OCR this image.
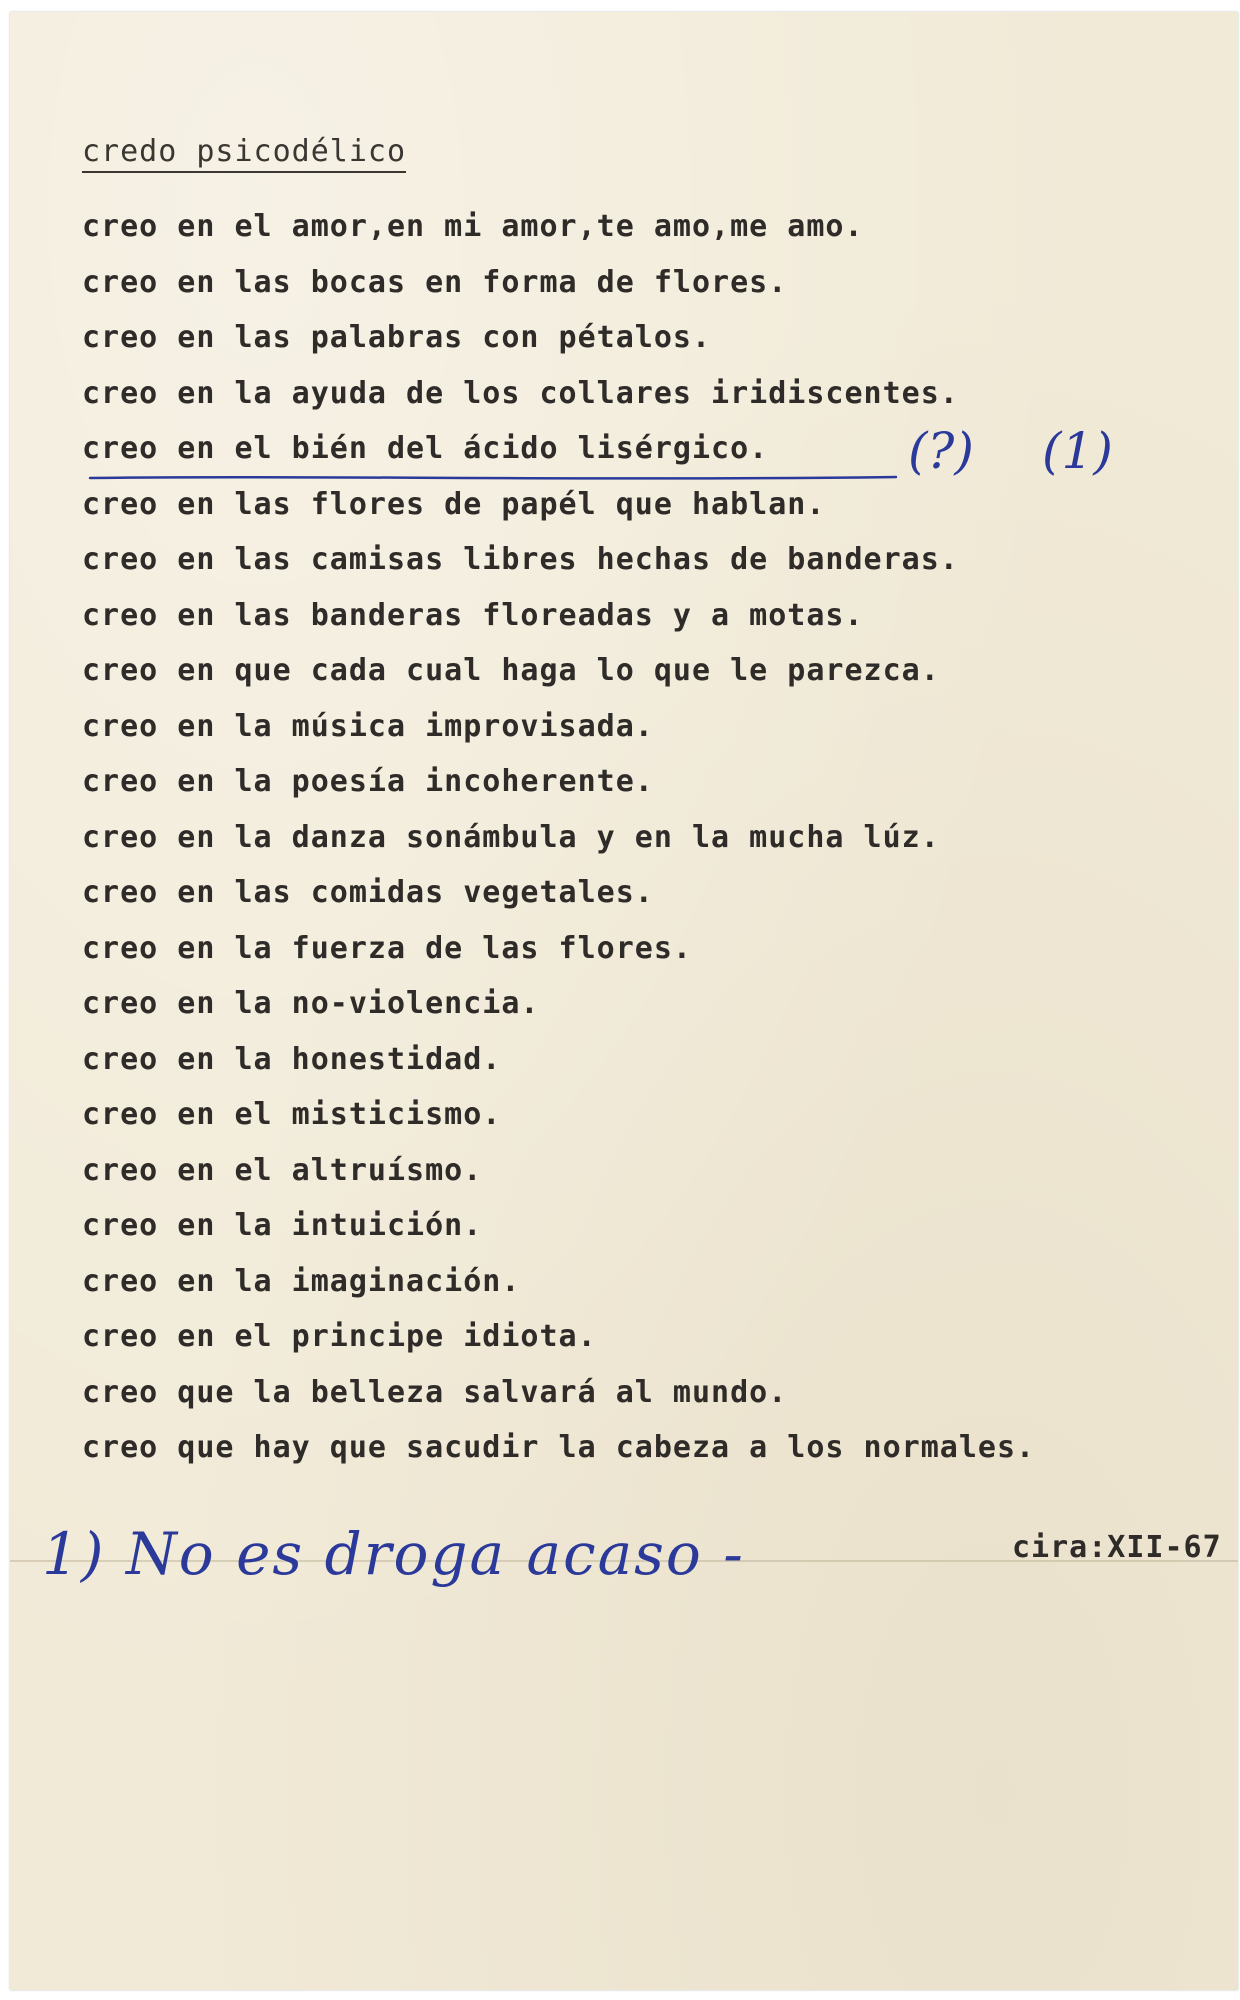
credo psicodélico
creo en el amor,en mi amor,te amo,me amo.
creo en las bocas en forma de flores.
creo en las palabras con pétalos.
creo en la ayuda de los collares iridiscentes.
creo en el bién del ácido lisérgico.
creo en las flores de papél que hablan.
creo en las camisas libres hechas de banderas.
creo en las banderas floreadas y a motas.
creo en que cada cual haga lo que le parezca.
creo en la música improvisada.
creo en la poesía incoherente.
creo en la danza sonámbula y en la mucha lúz.
creo en las comidas vegetales.
creo en la fuerza de las flores.
creo en la no-violencia.
creo en la honestidad.
creo en el misticismo.
creo en el altruísmo.
creo en la intuición.
creo en la imaginación.
creo en el principe idiota.
creo que la belleza salvará al mundo.
creo que hay que sacudir la cabeza a los normales.
(?) (1)
1) No es droga acaso -	cira:XII-67
